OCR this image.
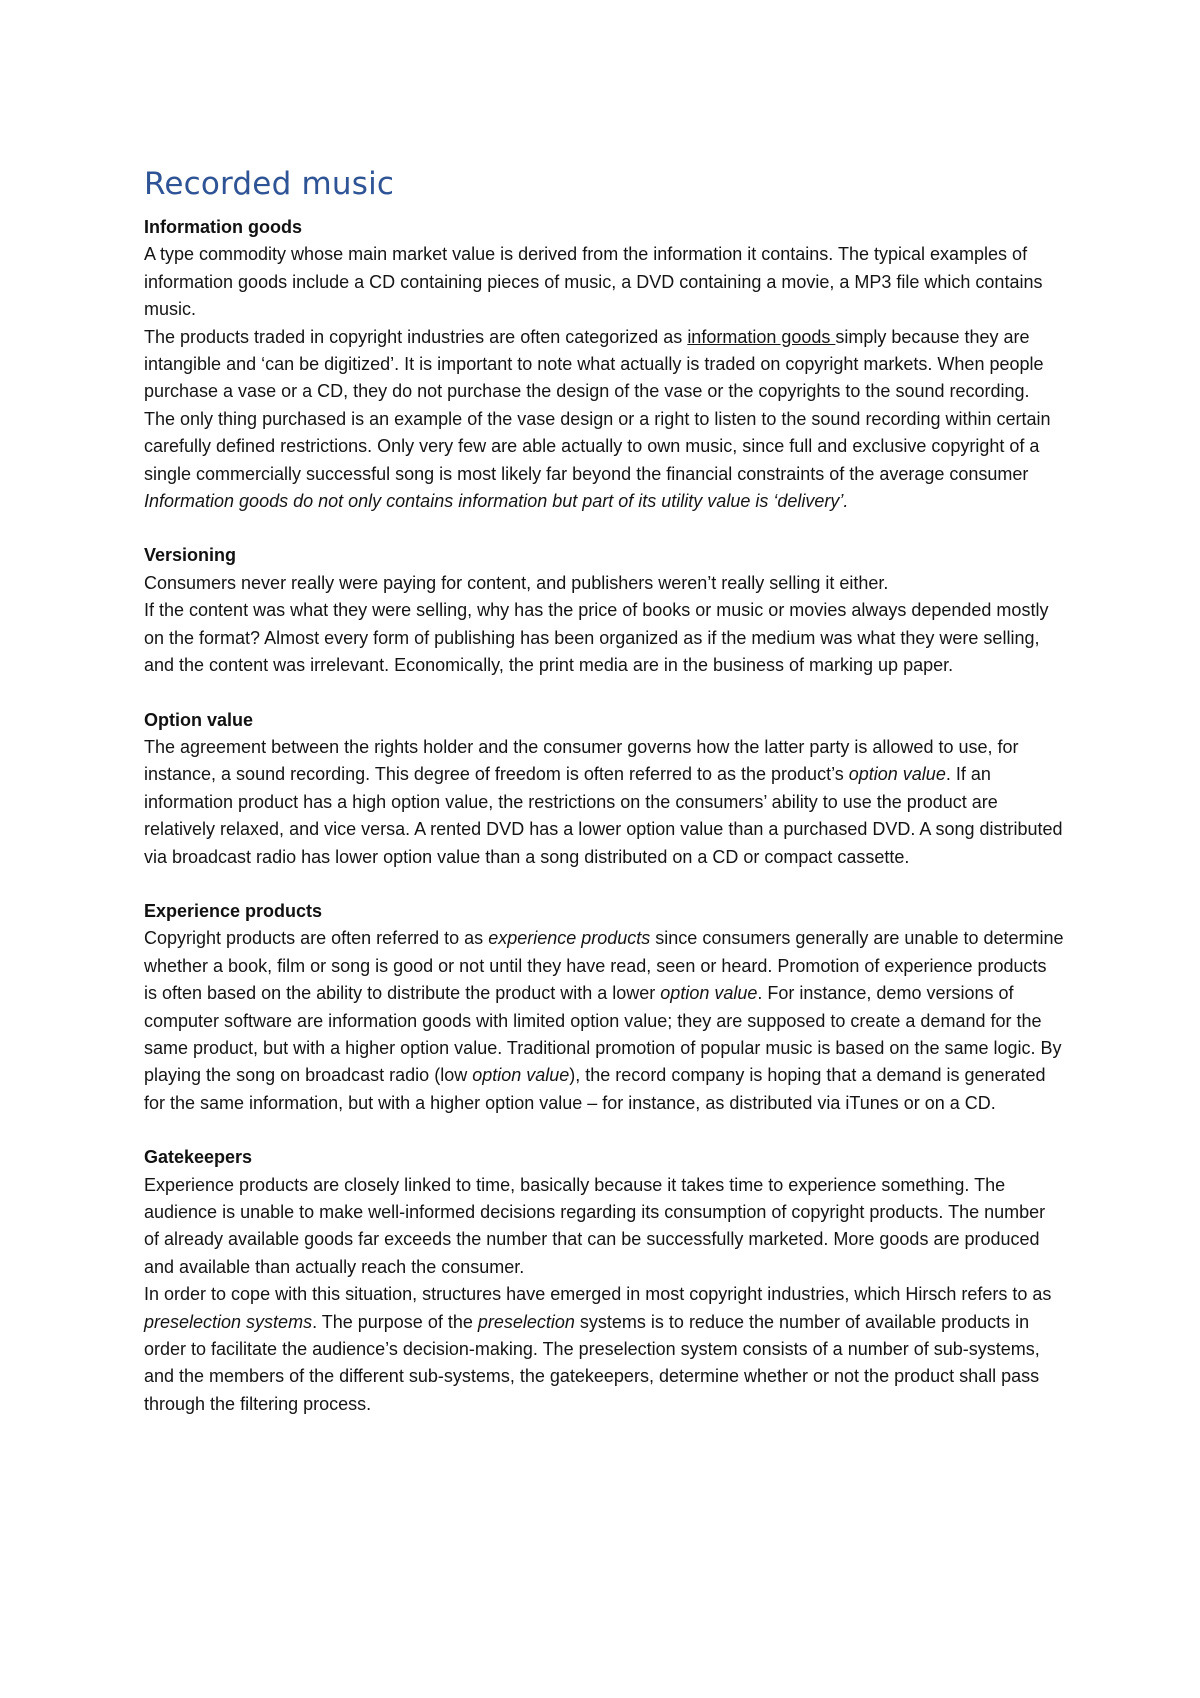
Recorded music

Information goods

A type commodity whose main market value is derived from the information it contains. The typical examples of information goods include a CD containing pieces of music, a DVD containing a movie, a MP3 file which contains music.

The products traded in copyright industries are often categorized as information goods simply because they are intangible and ‘can be digitized’. It is important to note what actually is traded on copyright markets. When people purchase a vase or a CD, they do not purchase the design of the vase or the copyrights to the sound recording. The only thing purchased is an example of the vase design or a right to listen to the sound recording within certain carefully defined restrictions. Only very few are able actually to own music, since full and exclusive copyright of a single commercially successful song is most likely far beyond the financial constraints of the average consumer

Information goods do not only contains information but part of its utility value is ‘delivery’.

Versioning

Consumers never really were paying for content, and publishers weren’t really selling it either.

If the content was what they were selling, why has the price of books or music or movies always depended mostly on the format? Almost every form of publishing has been organized as if the medium was what they were selling, and the content was irrelevant. Economically, the print media are in the business of marking up paper.

Option value

The agreement between the rights holder and the consumer governs how the latter party is allowed to use, for instance, a sound recording. This degree of freedom is often referred to as the product’s option value. If an information product has a high option value, the restrictions on the consumers’ ability to use the product are relatively relaxed, and vice versa. A rented DVD has a lower option value than a purchased DVD. A song distributed via broadcast radio has lower option value than a song distributed on a CD or compact cassette.

Experience products

Copyright products are often referred to as experience products since consumers generally are unable to determine whether a book, film or song is good or not until they have read, seen or heard. Promotion of experience products is often based on the ability to distribute the product with a lower option value. For instance, demo versions of computer software are information goods with limited option value; they are supposed to create a demand for the same product, but with a higher option value. Traditional promotion of popular music is based on the same logic. By playing the song on broadcast radio (low option value), the record company is hoping that a demand is generated for the same information, but with a higher option value – for instance, as distributed via iTunes or on a CD.

Gatekeepers

Experience products are closely linked to time, basically because it takes time to experience something. The audience is unable to make well-informed decisions regarding its consumption of copyright products. The number of already available goods far exceeds the number that can be successfully marketed. More goods are produced and available than actually reach the consumer.

In order to cope with this situation, structures have emerged in most copyright industries, which Hirsch refers to as preselection systems. The purpose of the preselection systems is to reduce the number of available products in order to facilitate the audience’s decision-making. The preselection system consists of a number of sub-systems, and the members of the different sub-systems, the gatekeepers, determine whether or not the product shall pass through the filtering process.
